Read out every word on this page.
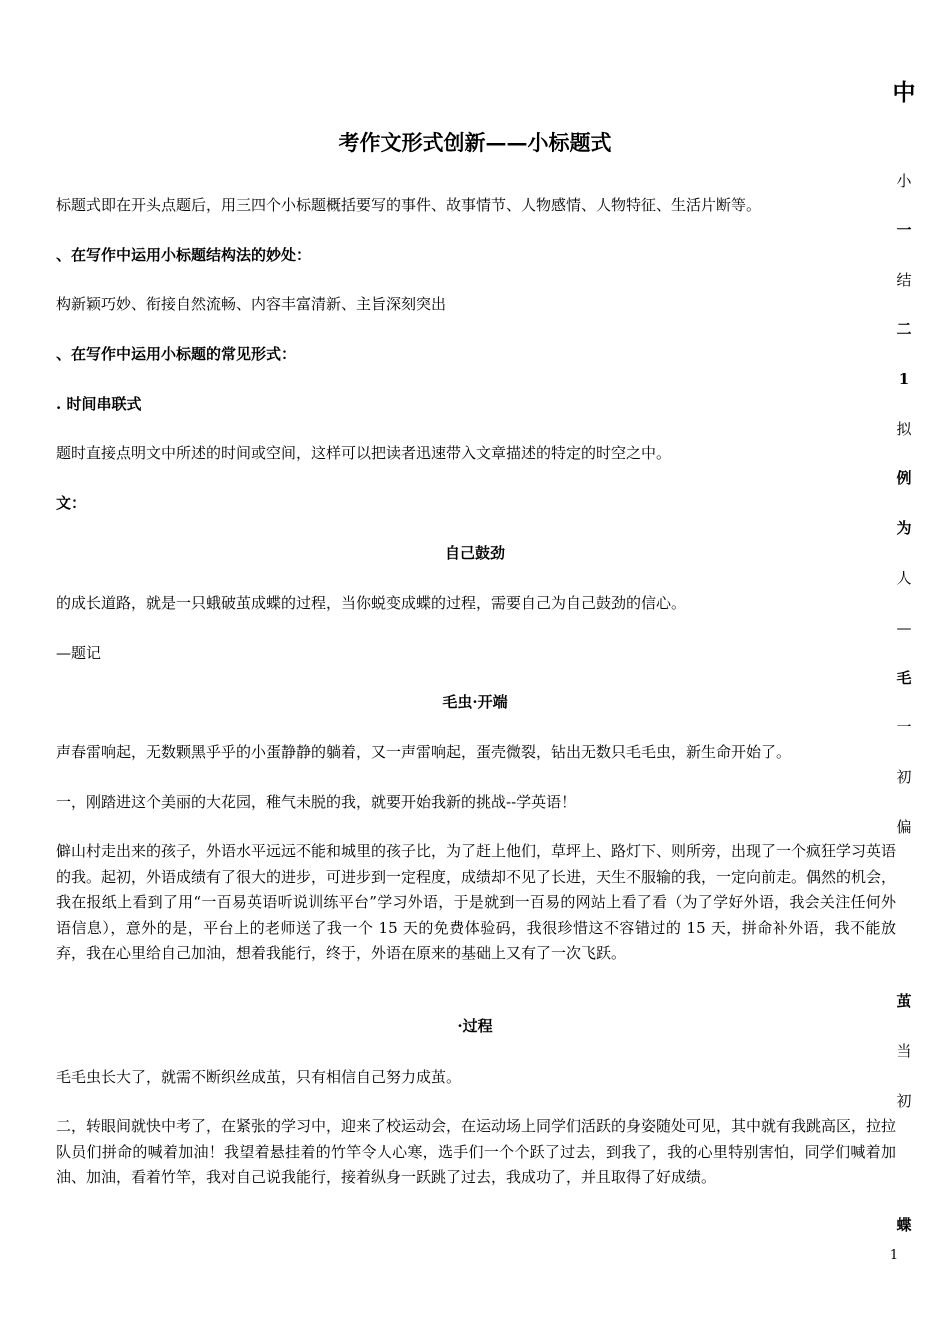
考作文形式创新——小标题式
标题式即在开头点题后，用三四个小标题概括要写的事件、故事情节、人物感情、人物特征、生活片断等。
、在写作中运用小标题结构法的妙处：
构新颖巧妙、衔接自然流畅、内容丰富清新、主旨深刻突出
、在写作中运用小标题的常见形式：
. 时间串联式
题时直接点明文中所述的时间或空间，这样可以把读者迅速带入文章描述的特定的时空之中。
文：
自己鼓劲
的成长道路，就是一只蛾破茧成蝶的过程，当你蜕变成蝶的过程，需要自己为自己鼓劲的信心。
—题记
毛虫·开端
声春雷响起，无数颗黑乎乎的小蛋静静的躺着，又一声雷响起，蛋壳微裂，钻出无数只毛毛虫，新生命开始了。
一，刚踏进这个美丽的大花园，稚气未脱的我，就要开始我新的挑战--学英语！
僻山村走出来的孩子，外语水平远远不能和城里的孩子比，为了赶上他们，草坪上、路灯下、则所旁，出现了一个疯狂学习英语的我。起初，外语成绩有了很大的进步，可进步到一定程度，成绩却不见了长进，天生不服输的我，一定向前走。偶然的机会，我在报纸上看到了用“一百易英语听说训练平台”学习外语，于是就到一百易的网站上看了看（为了学好外语，我会关注任何外语信息），意外的是，平台上的老师送了我一个 15 天的免费体验码，我很珍惜这不容错过的 15 天，拼命补外语，我不能放弃，我在心里给自己加油，想着我能行，终于，外语在原来的基础上又有了一次飞跃。
·过程
毛毛虫长大了，就需不断织丝成茧，只有相信自己努力成茧。
二，转眼间就快中考了，在紧张的学习中，迎来了校运动会，在运动场上同学们活跃的身姿随处可见，其中就有我跳高区，拉拉队员们拼命的喊着加油！我望着悬挂着的竹竿令人心寒，选手们一个个跃了过去，到我了，我的心里特别害怕，同学们喊着加油、加油，看着竹竿，我对自己说我能行，接着纵身一跃跳了过去，我成功了，并且取得了好成绩。
中
小
一
结
二
1
拟
例
为
人
—
毛
一
初
偏
茧
当
初
蝶
1
